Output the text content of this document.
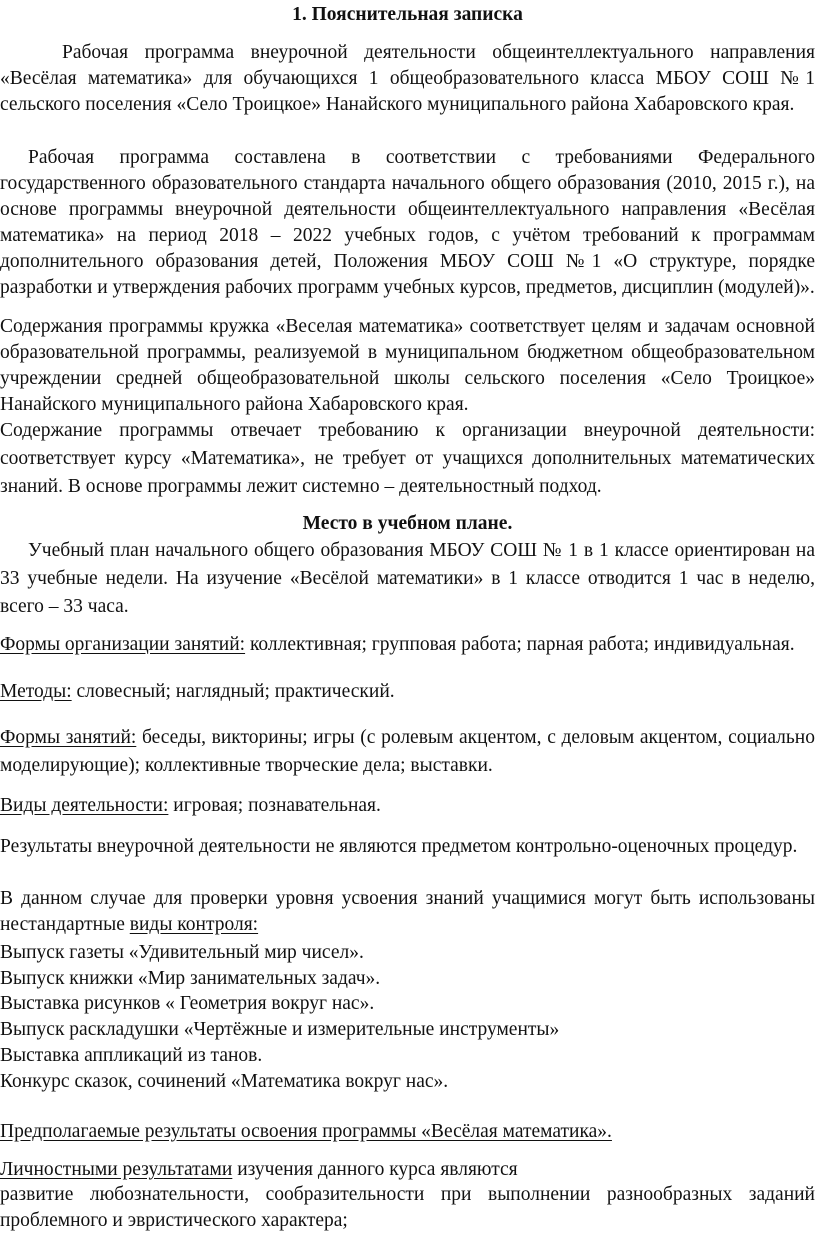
1. Пояснительная записка

Рабочая программа внеурочной деятельности общеинтеллектуального направления «Весёлая математика» для обучающихся 1 общеобразовательного класса МБОУ СОШ №1 сельского поселения «Село Троицкое» Нанайского муниципального района Хабаровского края.

Рабочая программа составлена в соответствии с требованиями Федерального государственного образовательного стандарта начального общего образования (2010, 2015 г.), на основе программы внеурочной деятельности общеинтеллектуального направления «Весёлая математика» на период 2018 – 2022 учебных годов, с учётом требований к программам дополнительного образования детей, Положения МБОУ СОШ №1 «О структуре, порядке разработки и утверждения рабочих программ учебных курсов, предметов, дисциплин (модулей)».

Содержания программы кружка «Веселая математика» соответствует целям и задачам основной образовательной программы, реализуемой в муниципальном бюджетном общеобразовательном учреждении средней общеобразовательной школы сельского поселения «Село Троицкое» Нанайского муниципального района Хабаровского края.

Содержание программы отвечает требованию к организации внеурочной деятельности: соответствует курсу «Математика», не требует от учащихся дополнительных математических знаний. В основе программы лежит системно – деятельностный подход.

Место в учебном плане.

Учебный план начального общего образования МБОУ СОШ № 1 в 1 классе ориентирован на 33 учебные недели. На изучение «Весёлой математики» в 1 классе отводится 1 час в неделю, всего – 33 часа.

Формы организации занятий: коллективная; групповая работа; парная работа; индивидуальная.

Методы: словесный; наглядный; практический.

Формы занятий: беседы, викторины; игры (с ролевым акцентом, с деловым акцентом, социально моделирующие); коллективные творческие дела; выставки.

Виды деятельности: игровая; познавательная.

Результаты внеурочной деятельности не являются предметом контрольно-оценочных процедур.

В данном случае для проверки уровня усвоения знаний учащимися могут быть использованы нестандартные виды контроля:

Выпуск газеты «Удивительный мир чисел».
Выпуск книжки «Мир занимательных задач».
Выставка рисунков « Геометрия вокруг нас».
Выпуск раскладушки «Чертёжные и измерительные инструменты»
Выставка аппликаций из танов.
Конкурс сказок, сочинений «Математика вокруг нас».
Предполагаемые результаты освоения программы «Весёлая математика».

Личностными результатами изучения данного курса являются

развитие любознательности, сообразительности при выполнении разнообразных заданий проблемного и эвристического характера;
